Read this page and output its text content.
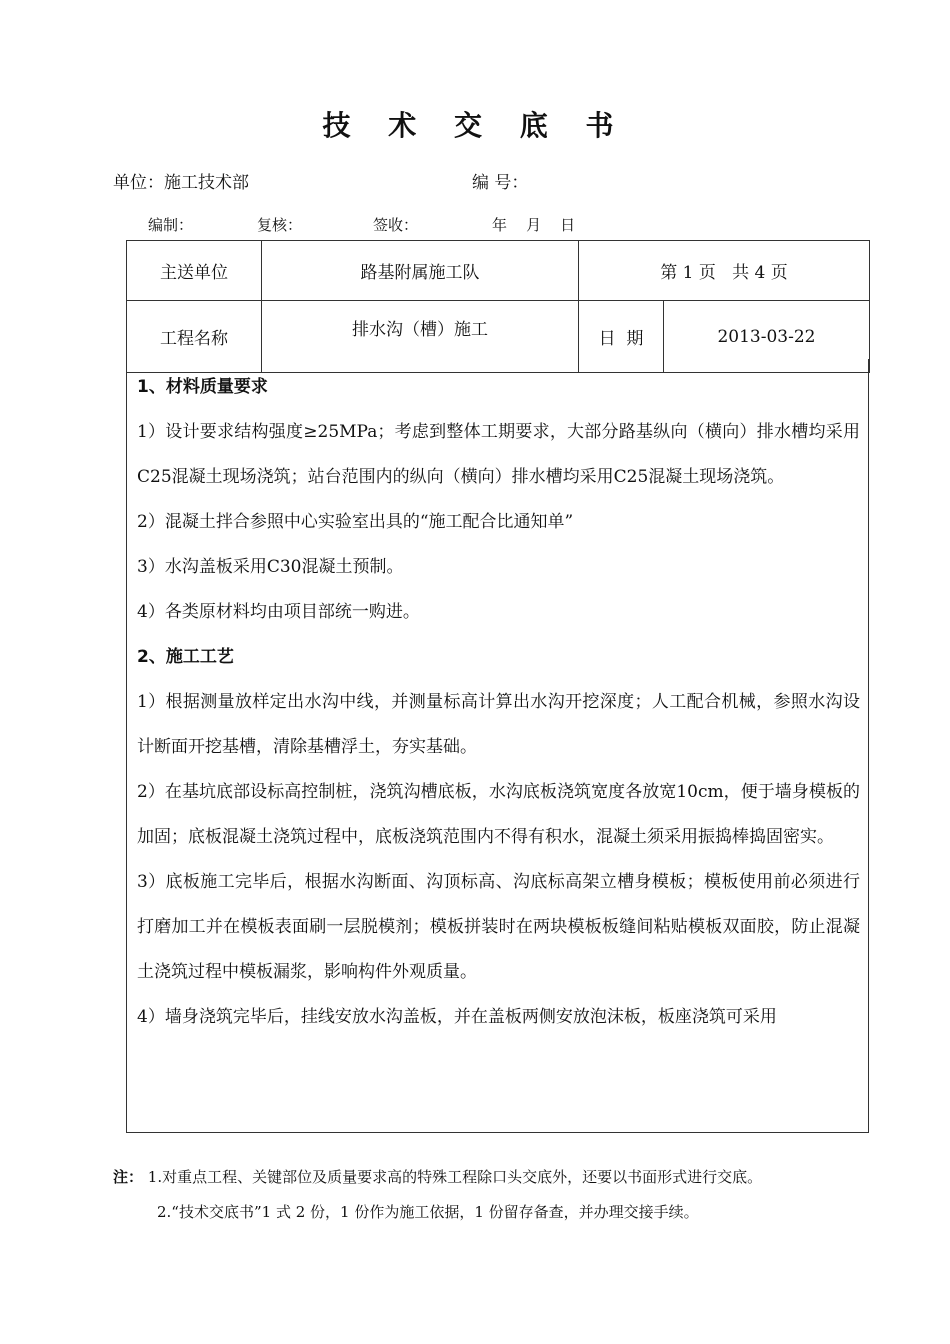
技 术 交 底 书
单位：施工技术部	编 号：
编制：	复核：	签收：	年    月    日
主送单位	路基附属施工队	第 1 页   共 4 页	
工程名称	排水沟（槽）施工	日  期	2013-03-22

1、材料质量要求

1）设计要求结构强度≥25MPa；考虑到整体工期要求，大部分路基纵向（横向）排水槽均采用C25混凝土现场浇筑；站台范围内的纵向（横向）排水槽均采用C25混凝土现场浇筑。

2）混凝土拌合参照中心实验室出具的“施工配合比通知单”

3）水沟盖板采用C30混凝土预制。

4）各类原材料均由项目部统一购进。

2、施工工艺

1）根据测量放样定出水沟中线，并测量标高计算出水沟开挖深度；人工配合机械，参照水沟设计断面开挖基槽，清除基槽浮土，夯实基础。

2）在基坑底部设标高控制桩，浇筑沟槽底板，水沟底板浇筑宽度各放宽10cm，便于墙身模板的加固；底板混凝土浇筑过程中，底板浇筑范围内不得有积水，混凝土须采用振捣棒捣固密实。

3）底板施工完毕后，根据水沟断面、沟顶标高、沟底标高架立槽身模板；模板使用前必须进行打磨加工并在模板表面刷一层脱模剂；模板拼装时在两块模板板缝间粘贴模板双面胶，防止混凝土浇筑过程中模板漏浆，影响构件外观质量。

4）墙身浇筑完毕后，挂线安放水沟盖板，并在盖板两侧安放泡沫板，板座浇筑可采用

注： 1.对重点工程、关键部位及质量要求高的特殊工程除口头交底外，还要以书面形式进行交底。
2.“技术交底书”1 式 2 份，1 份作为施工依据，1 份留存备查，并办理交接手续。
